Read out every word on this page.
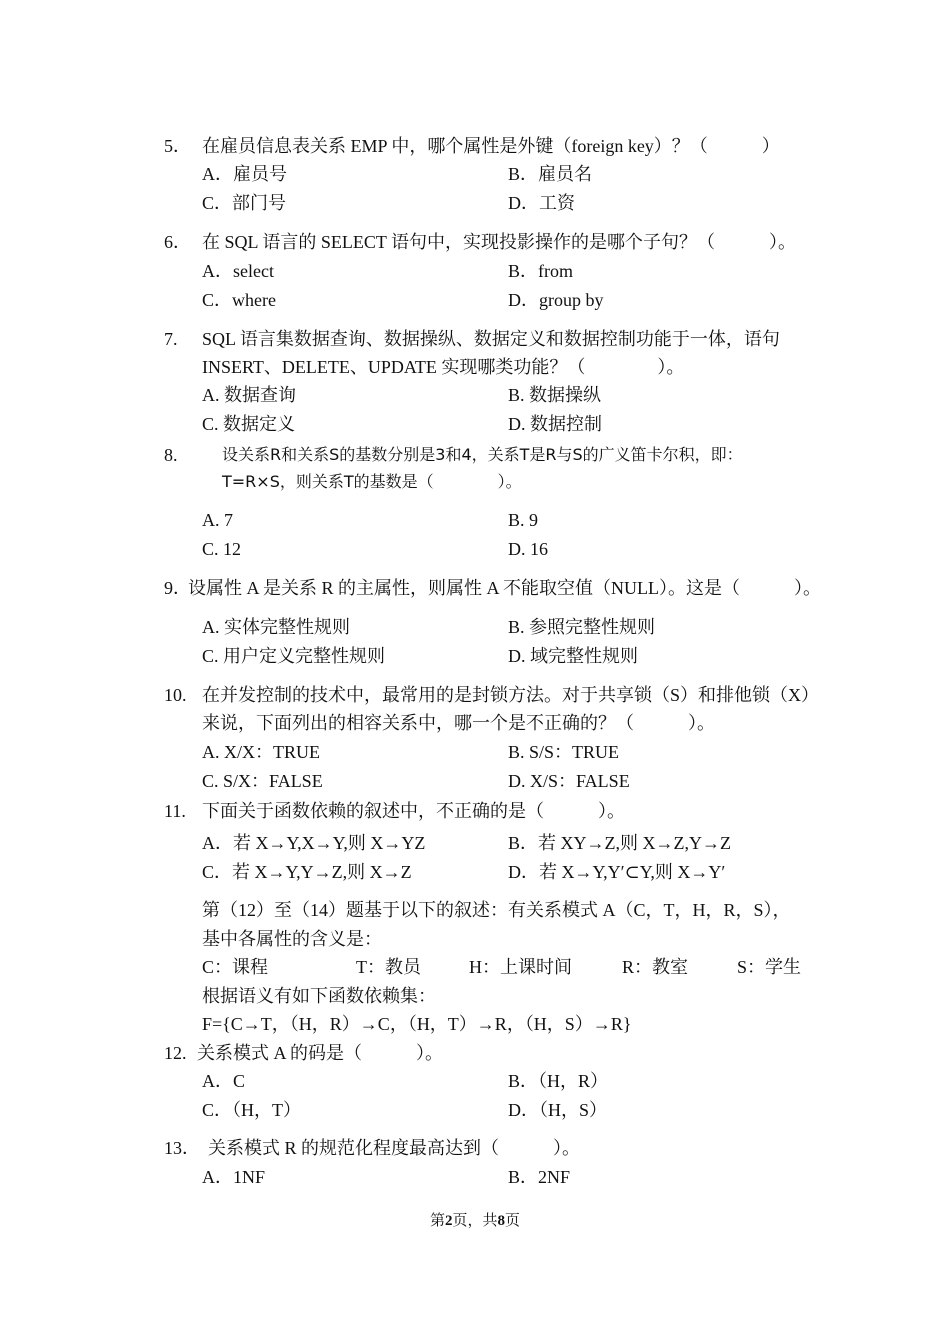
5． 在雇员信息表关系 EMP 中，哪个属性是外键（foreign key）？（　　　）
A．雇员号	B．雇员名
C．部门号	D．工资
6． 在 SQL 语言的 SELECT 语句中，实现投影操作的是哪个子句？（　　　）。
A．select	B．from
C．where	D．group by
7. SQL 语言集数据查询、数据操纵、数据定义和数据控制功能于一体，语句
INSERT、DELETE、UPDATE 实现哪类功能？（　　　　）。
A. 数据查询	B. 数据操纵
C. 数据定义	D. 数据控制
8.	设关系R和关系S的基数分别是3和4，关系T是R与S的广义笛卡尔积，即：
T=R×S，则关系T的基数是（　　　　）。
A. 7	B. 9
C. 12	D. 16
9．
设属性 A 是关系 R 的主属性，则属性 A 不能取空值（NULL）。这是（　　　）。
A. 实体完整性规则	B. 参照完整性规则
C. 用户定义完整性规则	D. 域完整性规则
10. 在并发控制的技术中，最常用的是封锁方法。对于共享锁（S）和排他锁（X）
来说，下面列出的相容关系中，哪一个是不正确的？（　　　）。
A. X/X：TRUE	B. S/S：TRUE
C. S/X：FALSE	D. X/S：FALSE
11. 下面关于函数依赖的叙述中，不正确的是（　　　）。
A．若 X→Y,X→Y,则 X→YZ	B．若 XY→Z,则 X→Z,Y→Z
C．若 X→Y,Y→Z,则 X→Z	D．若 X→Y,Y′⊂Y,则 X→Y′
第（12）至（14）题基于以下的叙述：有关系模式 A（C，T，H，R，S），
基中各属性的含义是：
C：课程	T：教员	H：上课时间	R：教室	S：学生
根据语义有如下函数依赖集：
F={C→T，（H，R）→C，（H，T）→R，（H，S）→R}
12. 关系模式 A 的码是（　　　）。
A．C	B．（H，R）
C．（H，T）	D．（H，S）
13． 关系模式 R 的规范化程度最高达到（　　　）。
A．1NF	B．2NF
第2页，共8页
